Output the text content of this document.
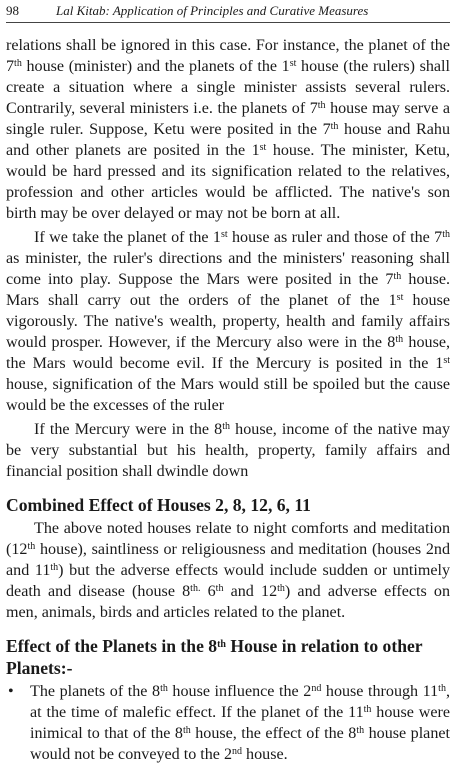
98	Lal Kitab: Application of Principles and Curative Measures

relations shall be ignored in this case. For instance, the planet of the 7th house (minister) and the planets of the 1st house (the rulers) shall create a situation where a single minister assists several rulers. Contrarily, several ministers i.e. the planets of 7th house may serve a single ruler. Suppose, Ketu were posited in the 7th house and Rahu and other planets are posited in the 1st house. The minister, Ketu, would be hard pressed and its signification related to the relatives, profession and other articles would be afflicted. The native's son birth may be over delayed or may not be born at all.

If we take the planet of the 1st house as ruler and those of the 7th as minister, the ruler's directions and the ministers' reasoning shall come into play. Suppose the Mars were posited in the 7th house. Mars shall carry out the orders of the planet of the 1st house vigorously. The native's wealth, property, health and family affairs would prosper. However, if the Mercury also were in the 8th house, the Mars would become evil. If the Mercury is posited in the 1st house, signification of the Mars would still be spoiled but the cause would be the excesses of the ruler

If the Mercury were in the 8th house, income of the native may be very substantial but his health, property, family affairs and financial position shall dwindle down

Combined Effect of Houses 2, 8, 12, 6, 11

The above noted houses relate to night comforts and meditation (12th house), saintliness or religiousness and meditation (houses 2nd and 11th) but the adverse effects would include sudden or untimely death and disease (house $8^{th.}$ 6th and 12th) and adverse effects on men, animals, birds and articles related to the planet.

Effect of the Planets in the 8th House in relation to other Planets:-

• The planets of the 8th house influence the 2nd house through 11th, at the time of malefic effect. If the planet of the 11th house were inimical to that of the 8th house, the effect of the 8th house planet would not be conveyed to the 2nd house.
